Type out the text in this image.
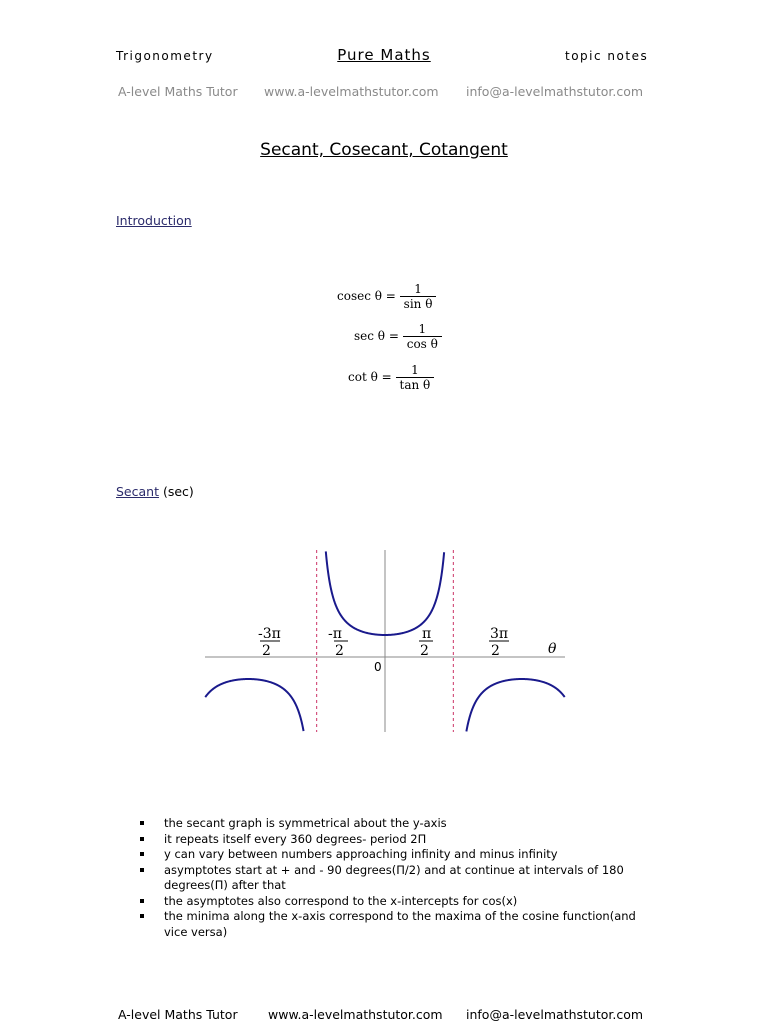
Trigonometry	Pure Maths	topic notes
A-level Maths Tutor www.a-levelmathstutor.com info@a-levelmathstutor.com
Secant, Cosecant, Cotangent
Introduction
cosec $\theta = \frac{1}{\text{sin θ}}$
$\sec \theta = \frac{1}{\text{cos θ}}$
$\cot \theta = \frac{1}{\text{tan θ}}$
Secant (sec)
-3π
2
-π
2
π
2
3π
2	θ
0
the secant graph is symmetrical about the y-axis
it repeats itself every 360 degrees- period 2Π
y can vary between numbers approaching infinity and minus infinity
asymptotes start at + and - 90 degrees(Π/2) and at continue at intervals of 180 degrees(Π) after that
the asymptotes also correspond to the x-intercepts for cos(x)
the minima along the x-axis correspond to the maxima of the cosine function(and vice versa)
A-level Maths Tutor www.a-levelmathstutor.com info@a-levelmathstutor.com
